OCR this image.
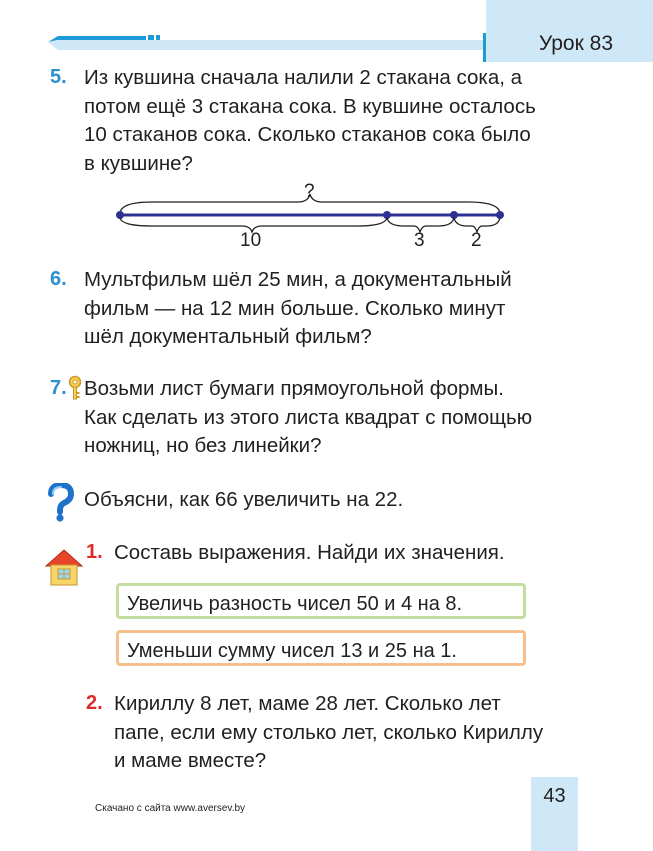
Урок 83
5. Из кувшина сначала налили 2 стакана сока, а
потом ещё 3 стакана сока. В кувшине осталось
10 стаканов сока. Сколько стаканов сока было
в кувшине?
?
10	3 2
6. Мультфильм шёл 25 мин, а документальный
фильм — на 12 мин больше. Сколько минут
шёл документальный фильм?
7. Возьми лист бумаги прямоугольной формы.
Как сделать из этого листа квадрат с помощью
ножниц, но без линейки?
Объясни, как 66 увеличить на 22.
1. Составь выражения. Найди их значения.
Увеличь разность чисел 50 и 4 на 8.
Уменьши сумму чисел 13 и 25 на 1.
2. Кириллу 8 лет, маме 28 лет. Сколько лет
папе, если ему столько лет, сколько Кириллу
и маме вместе?
Скачано с сайта www.aversev.by
43
